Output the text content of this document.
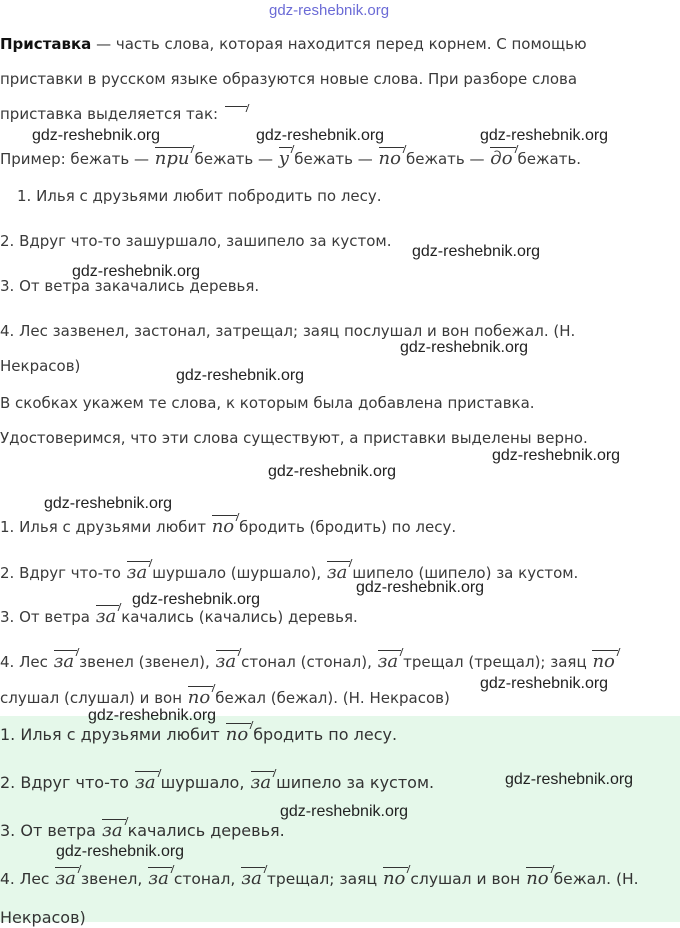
gdz-reshebnik.org
Приставка — часть слова, которая находится перед корнем. С помощью
приставки в русском языке образуются новые слова. При разборе слова
приставка выделяется так:
gdz-reshebnik.org	gdz-reshebnik.org	gdz-reshebnik.org
Пример: бежать — при бежать — у бежать — по бежать — до бежать.
1. Илья с друзьями любит побродить по лесу.
2. Вдруг что-то зашуршало, зашипело за кустом.
gdz-reshebnik.org
gdz-reshebnik.org
3. От ветра закачались деревья.
4. Лес зазвенел, застонал, затрещал; заяц послушал и вон побежал. (Н.
gdz-reshebnik.org
Некрасов)
gdz-reshebnik.org
В скобках укажем те слова, к которым была добавлена приставка.
Удостоверимся, что эти слова существуют, а приставки выделены верно.
gdz-reshebnik.org
gdz-reshebnik.org
gdz-reshebnik.org
1. Илья с друзьями любит по бродить (бродить) по лесу.
2. Вдруг что-то за шуршало (шуршало), за шипело (шипело) за кустом.
gdz-reshebnik.org
gdz-reshebnik.org
3. От ветра за качались (качались) деревья.
4. Лес за звенел (звенел), за стонал (стонал), за трещал (трещал); заяц по
gdz-reshebnik.org
слушал (слушал) и вон по бежал (бежал). (Н. Некрасов)
gdz-reshebnik.org
1. Илья с друзьями любит по бродить по лесу.
2. Вдруг что-то за шуршало, за шипело за кустом.	gdz-reshebnik.org
gdz-reshebnik.org
3. От ветра за качались деревья.
gdz-reshebnik.org
4. Лес за звенел, за стонал, за трещал; заяц по слушал и вон по бежал. (Н.
Некрасов)
